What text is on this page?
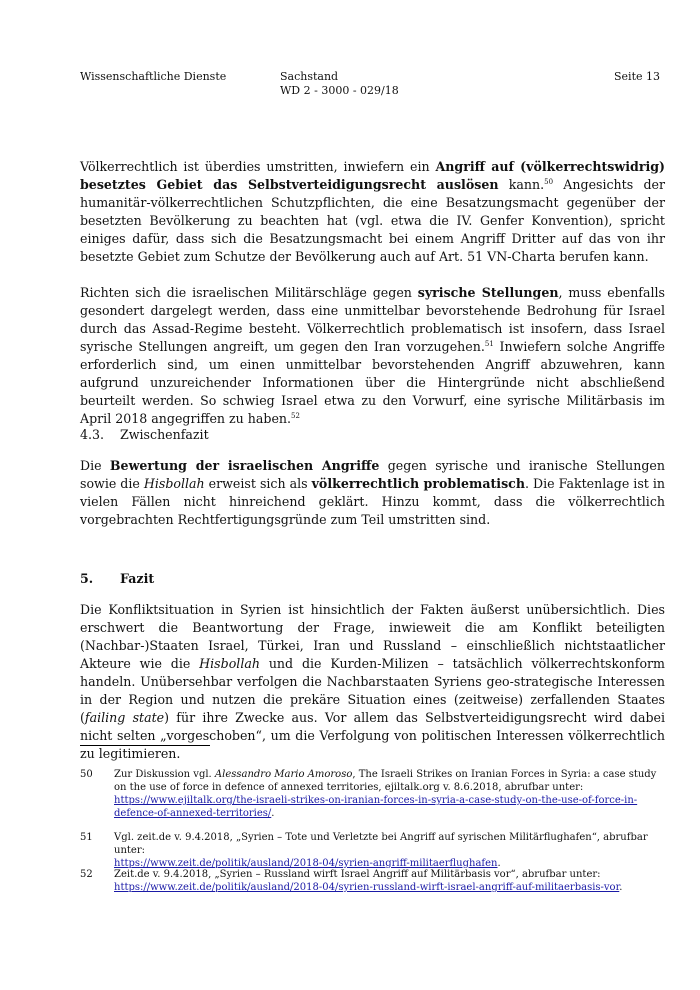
Wissenschaftliche Dienste	Sachstand
WD 2 - 3000 - 029/18
Seite 13

Völkerrechtlich ist überdies umstritten, inwiefern ein Angriff auf (völkerrechtswidrig) besetztes Gebiet das Selbstverteidigungsrecht auslösen kann.$^{50}$ Angesichts der humanitär-völkerrechtlichen Schutzpflichten, die eine Besatzungsmacht gegenüber der besetzten Bevölkerung zu beachten hat (vgl. etwa die IV. Genfer Konvention), spricht einiges dafür, dass sich die Besatzungsmacht bei einem Angriff Dritter auf das von ihr besetzte Gebiet zum Schutze der Bevölkerung auch auf Art. 51 VN-Charta berufen kann.

Richten sich die israelischen Militärschläge gegen syrische Stellungen, muss ebenfalls gesondert dargelegt werden, dass eine unmittelbar bevorstehende Bedrohung für Israel durch das Assad-Regime besteht. Völkerrechtlich problematisch ist insofern, dass Israel syrische Stellungen angreift, um gegen den Iran vorzugehen.$^{51}$ Inwiefern solche Angriffe erforderlich sind, um einen unmittelbar bevorstehenden Angriff abzuwehren, kann aufgrund unzureichender Informationen über die Hintergründe nicht abschließend beurteilt werden. So schwieg Israel etwa zu den Vorwurf, eine syrische Militärbasis im April 2018 angegriffen zu haben.$^{52}$

4.3. Zwischenfazit

Die Bewertung der israelischen Angriffe gegen syrische und iranische Stellungen sowie die Hisbollah erweist sich als völkerrechtlich problematisch. Die Faktenlage ist in vielen Fällen nicht hinreichend geklärt. Hinzu kommt, dass die völkerrechtlich vorgebrachten Rechtfertigungsgründe zum Teil umstritten sind.

5. Fazit

Die Konfliktsituation in Syrien ist hinsichtlich der Fakten äußerst unübersichtlich. Dies erschwert die Beantwortung der Frage, inwieweit die am Konflikt beteiligten (Nachbar-)Staaten Israel, Türkei, Iran und Russland – einschließlich nichtstaatlicher Akteure wie die Hisbollah und die Kurden-Milizen – tatsächlich völkerrechtskonform handeln. Unübersehbar verfolgen die Nachbarstaaten Syriens geo-strategische Interessen in der Region und nutzen die prekäre Situation eines (zeitweise) zerfallenden Staates (failing state) für ihre Zwecke aus. Vor allem das Selbstverteidigungsrecht wird dabei nicht selten „vorgeschoben“, um die Verfolgung von politischen Interessen völkerrechtlich zu legitimieren.

50 Zur Diskussion vgl. Alessandro Mario Amoroso, The Israeli Strikes on Iranian Forces in Syria: a case study on the use of force in defence of annexed territories, ejiltalk.org v. 8.6.2018, abrufbar unter:
https://www.ejiltalk.org/the-israeli-strikes-on-iranian-forces-in-syria-a-case-study-on-the-use-of-force-in-defence-of-annexed-territories/.
51 Vgl. zeit.de v. 9.4.2018, „Syrien – Tote und Verletzte bei Angriff auf syrischen Militärflughafen“, abrufbar unter:
https://www.zeit.de/politik/ausland/2018-04/syrien-angriff-militaerflughafen.
52 Zeit.de v. 9.4.2018, „Syrien – Russland wirft Israel Angriff auf Militärbasis vor“, abrufbar unter:
https://www.zeit.de/politik/ausland/2018-04/syrien-russland-wirft-israel-angriff-auf-militaerbasis-vor.
